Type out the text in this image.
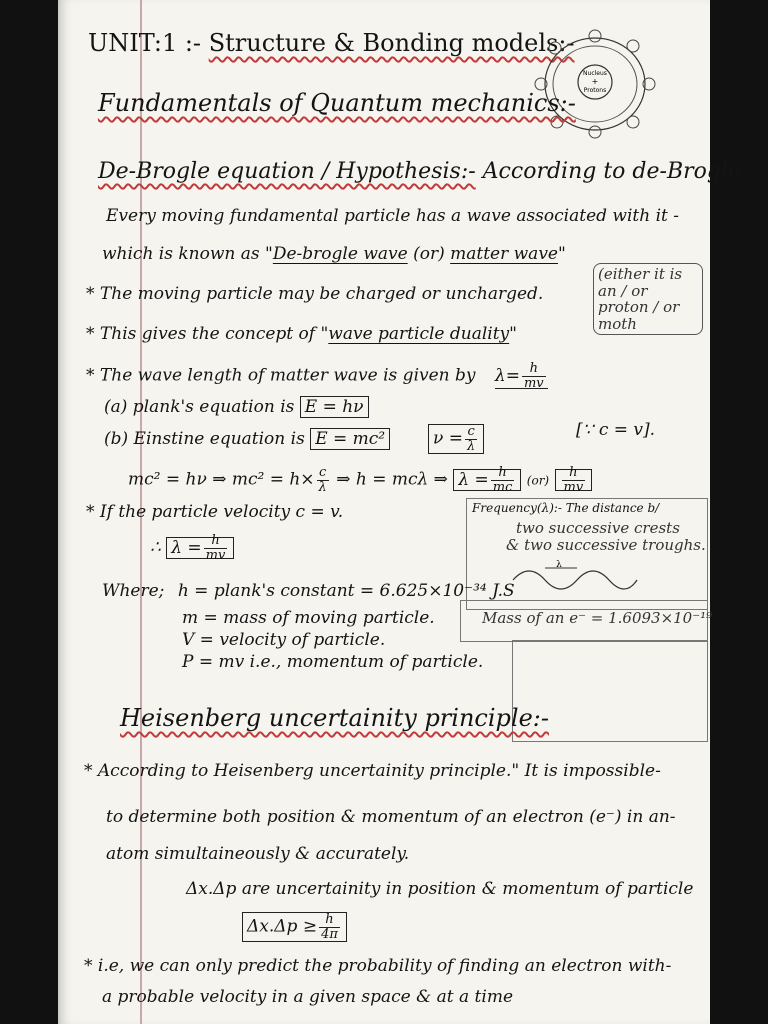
UNIT:1 :- Structure & Bonding models:-
Nucleus
+
Protons
Fundamentals of Quantum mechanics:-
De-Brogle equation / Hypothesis:- According to de-Brogle.
Every moving fundamental particle has a wave associated with it -
which is known as "De-brogle wave (or) matter wave"
* The moving particle may be charged or uncharged.
(either it is an / or proton / or moth
* This gives the concept of "wave particle duality"
* The wave length of matter wave is given by $\lambda= \frac{h}{mv}$
(a) plank's equation is E = hν
(b) Einstine equation is E = mc²	$\nu = \frac{c}{\lambda}$	[∵ c = v].
mc² = hν ⇒ $mc^2 = h\times \frac{c}{\lambda}$ ⇒ h = mcλ ⇒ $\lambda = \frac{h}{mc} (or) \frac{h}{mv}$
* If the particle velocity c = v.
∴ $\lambda = \frac{h}{mv}$
Frequency(λ):- The distance b/
two successive crests
& two successive troughs.
λ
Where; h = plank's constant = 6.625×10⁻³⁴ J.S
m = mass of moving particle.
V = velocity of particle.
P = mv i.e., momentum of particle.
Mass of an e⁻ = 1.6093×10⁻¹⁹
Heisenberg uncertainity principle:-
* According to Heisenberg uncertainity principle." It is impossible-
to determine both position & momentum of an electron (e⁻) in an-
atom simultaineously & accurately.
Δx.Δp are uncertainity in position & momentum of particle
$\Delta x.\Delta p \ge \frac{h}{4\pi}$
* i.e, we can only predict the probability of finding an electron with-
a probable velocity in a given space & at a time
